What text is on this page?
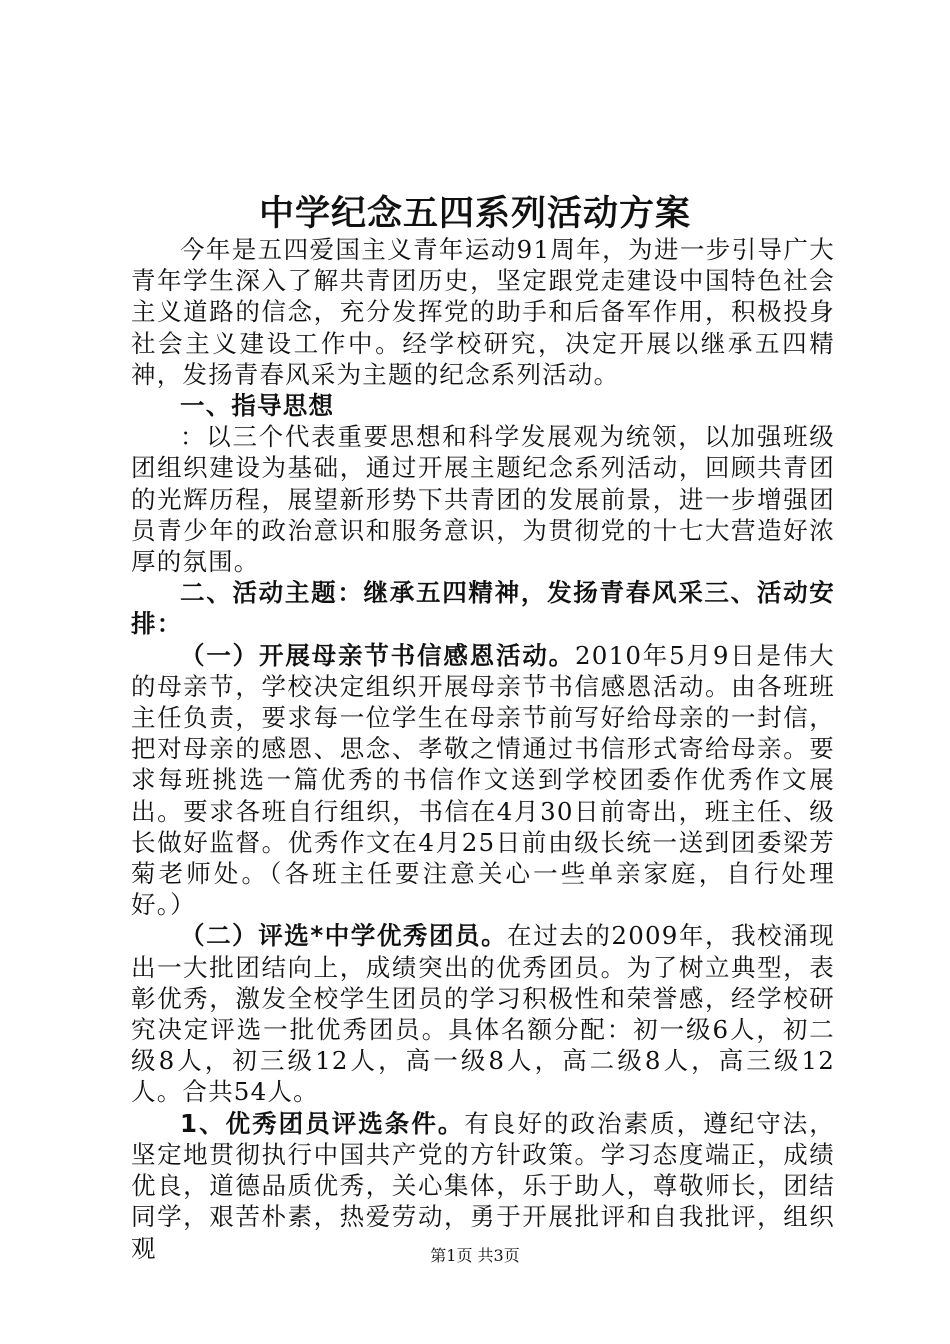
中学纪念五四系列活动方案

今年是五四爱国主义青年运动91周年，为进一步引导广大青年学生深入了解共青团历史，坚定跟党走建设中国特色社会主义道路的信念，充分发挥党的助手和后备军作用，积极投身社会主义建设工作中。经学校研究，决定开展以继承五四精神，发扬青春风采为主题的纪念系列活动。

一、指导思想

：以三个代表重要思想和科学发展观为统领，以加强班级团组织建设为基础，通过开展主题纪念系列活动，回顾共青团的光辉历程，展望新形势下共青团的发展前景，进一步增强团员青少年的政治意识和服务意识，为贯彻党的十七大营造好浓厚的氛围。

二、活动主题：继承五四精神，发扬青春风采三、活动安排：

（一）开展母亲节书信感恩活动。2010年5月9日是伟大的母亲节，学校决定组织开展母亲节书信感恩活动。由各班班主任负责，要求每一位学生在母亲节前写好给母亲的一封信，把对母亲的感恩、思念、孝敬之情通过书信形式寄给母亲。要求每班挑选一篇优秀的书信作文送到学校团委作优秀作文展出。要求各班自行组织，书信在4月30日前寄出，班主任、级长做好监督。优秀作文在4月25日前由级长统一送到团委梁芳菊老师处。（各班主任要注意关心一些单亲家庭，自行处理好。）

（二）评选*中学优秀团员。在过去的2009年，我校涌现出一大批团结向上，成绩突出的优秀团员。为了树立典型，表彰优秀，激发全校学生团员的学习积极性和荣誉感，经学校研究决定评选一批优秀团员。具体名额分配：初一级6人，初二级8人，初三级12人，高一级8人，高二级8人，高三级12人。合共54人。

1、优秀团员评选条件。有良好的政治素质，遵纪守法，坚定地贯彻执行中国共产党的方针政策。学习态度端正，成绩优良，道德品质优秀，关心集体，乐于助人，尊敬师长，团结同学，艰苦朴素，热爱劳动，勇于开展批评和自我批评，组织观	第1页 共3页
